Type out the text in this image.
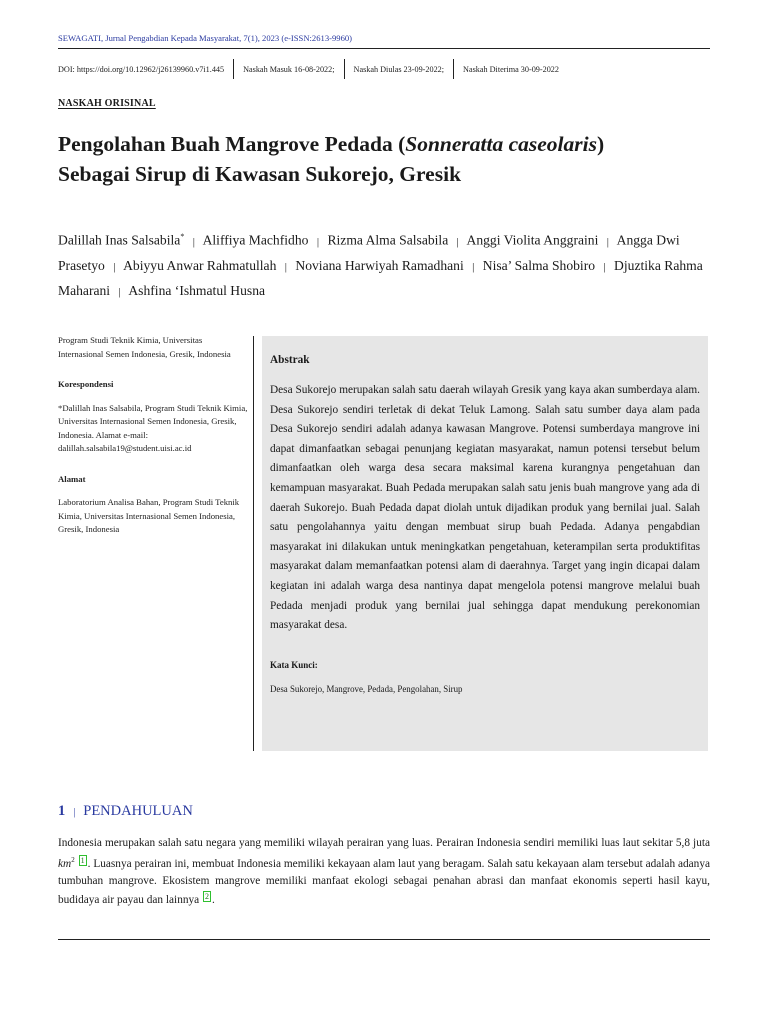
SEWAGATI, Jurnal Pengabdian Kepada Masyarakat, 7(1), 2023 (e-ISSN:2613-9960)
DOI: https://doi.org/10.12962/j26139960.v7i1.445 Naskah Masuk 16-08-2022; Naskah Diulas 23-09-2022; Naskah Diterima 30-09-2022
NASKAH ORISINAL
Pengolahan Buah Mangrove Pedada (Sonneratta caseolaris)
Sebagai Sirup di Kawasan Sukorejo, Gresik
Dalillah Inas Salsabila* | Aliffiya Machfidho | Rizma Alma Salsabila | Anggi Violita Anggraini | Angga Dwi Prasetyo | Abiyyu Anwar Rahmatullah | Noviana Harwiyah Ramadhani | Nisa’ Salma Shobiro | Djuztika Rahma Maharani | Ashfina ‘Ishmatul Husna
Program Studi Teknik Kimia, Universitas Internasional Semen Indonesia, Gresik, Indonesia
Korespondensi
*Dalillah Inas Salsabila, Program Studi Teknik Kimia, Universitas Internasional Semen Indonesia, Gresik, Indonesia. Alamat e-mail:
dalillah.salsabila19@student.uisi.ac.id
Alamat
Laboratorium Analisa Bahan, Program Studi Teknik Kimia, Universitas Internasional Semen Indonesia, Gresik, Indonesia
Abstrak
Desa Sukorejo merupakan salah satu daerah wilayah Gresik yang kaya akan sumberdaya alam. Desa Sukorejo sendiri terletak di dekat Teluk Lamong. Salah satu sumber daya alam pada Desa Sukorejo sendiri adalah adanya kawasan Mangrove. Potensi sumberdaya mangrove ini dapat dimanfaatkan sebagai penunjang kegiatan masyarakat, namun potensi tersebut belum dimanfaatkan oleh warga desa secara maksimal karena kurangnya pengetahuan dan kemampuan masyarakat. Buah Pedada merupakan salah satu jenis buah mangrove yang ada di daerah Sukorejo. Buah Pedada dapat diolah untuk dijadikan produk yang bernilai jual. Salah satu pengolahannya yaitu dengan membuat sirup buah Pedada. Adanya pengabdian masyarakat ini dilakukan untuk meningkatkan pengetahuan, keterampilan serta produktifitas masyarakat dalam memanfaatkan potensi alam di daerahnya. Target yang ingin dicapai dalam kegiatan ini adalah warga desa nantinya dapat mengelola potensi mangrove melalui buah Pedada menjadi produk yang bernilai jual sehingga dapat mendukung perekonomian masyarakat desa.
Kata Kunci:
Desa Sukorejo, Mangrove, Pedada, Pengolahan, Sirup
1 | PENDAHULUAN
Indonesia merupakan salah satu negara yang memiliki wilayah perairan yang luas. Perairan Indonesia sendiri memiliki luas laut sekitar 5,8 juta $km^2$ 1 . Luasnya perairan ini, membuat Indonesia memiliki kekayaan alam laut yang beragam. Salah satu kekayaan alam tersebut adalah adanya tumbuhan mangrove. Ekosistem mangrove memiliki manfaat ekologi sebagai penahan abrasi dan manfaat ekonomis seperti hasil kayu, budidaya air payau dan lainnya 2 .
